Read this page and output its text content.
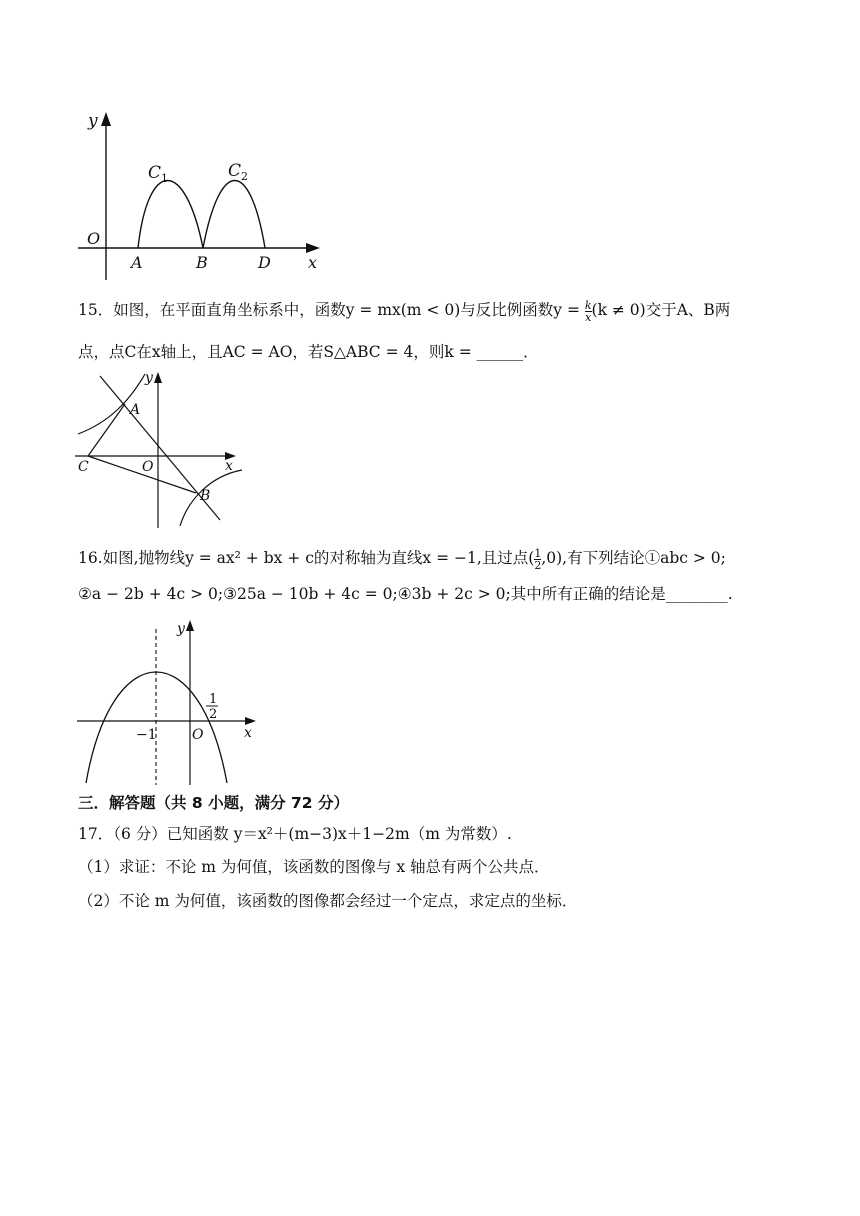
y
x
O
A	B	D
C 1	C 2
15．如图，在平面直角坐标系中，函数y = mx(m < 0)与反比例函数$y = \frac{k}{x} (k \ne 0)$交于A、B两
点，点C在x轴上，且AC = AO，若S△ABC = 4，则k = ______．
y
x
O
A
B
C
16.如图,抛物线y = ax² + bx + c的对称轴为直线x = −1,且过点( $\frac{1}{2} ,0$),有下列结论①abc > 0;
②a − 2b + 4c > 0;③25a − 10b + 4c = 0;④3b + 2c > 0;其中所有正确的结论是________.
y
x
O
−1
1
2
三．解答题（共 8 小题，满分 72 分）
17．（6 分）已知函数 y＝x²＋(m−3)x＋1−2m（m 为常数）.
（1）求证：不论 m 为何值，该函数的图像与 x 轴总有两个公共点．
（2）不论 m 为何值，该函数的图像都会经过一个定点，求定点的坐标．
